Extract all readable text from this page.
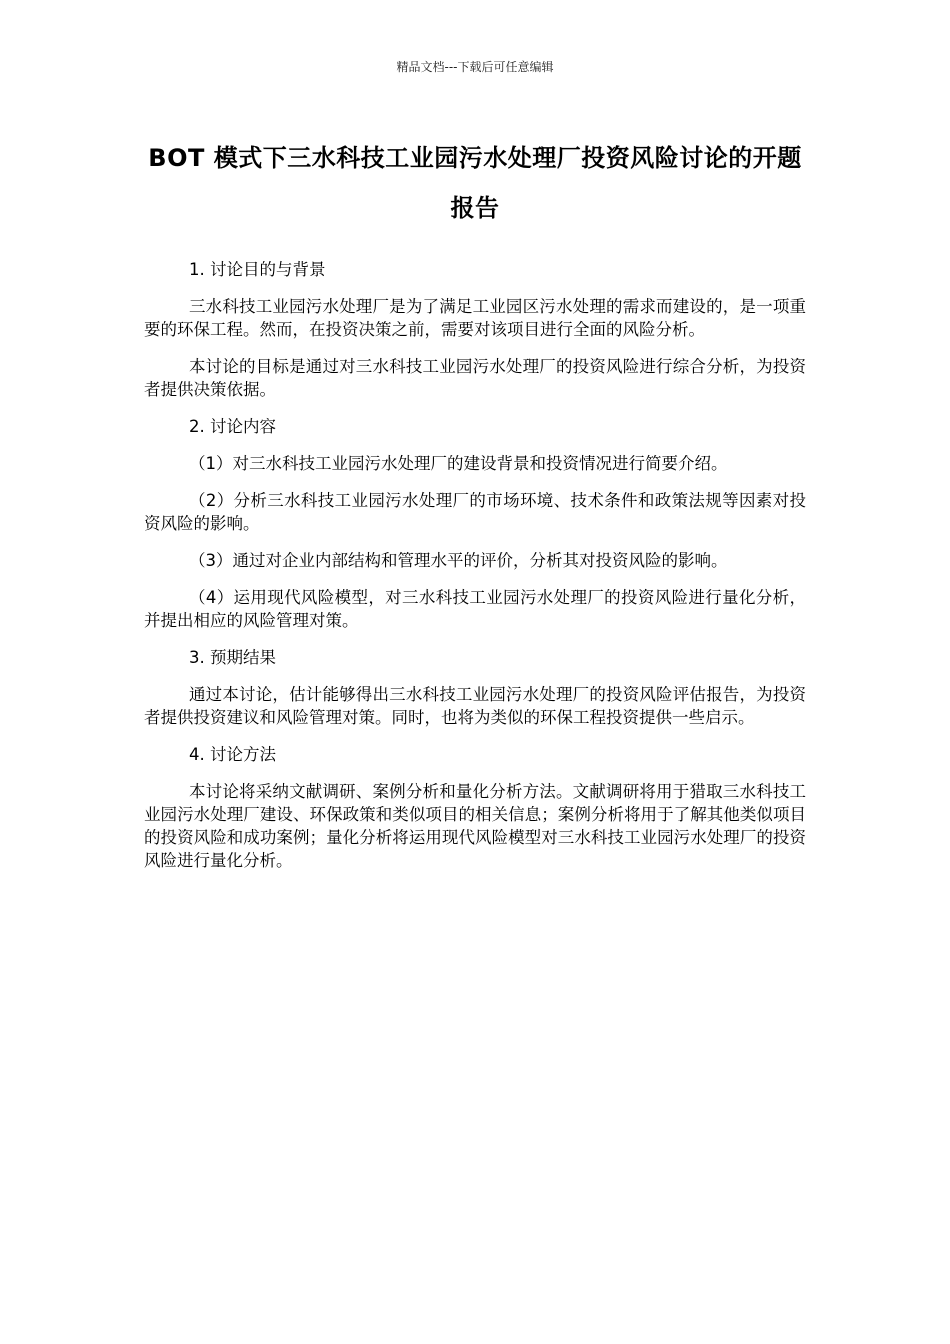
精品文档---下载后可任意编辑
BOT 模式下三水科技工业园污水处理厂投资风险讨论的开题报告
1. 讨论目的与背景
三水科技工业园污水处理厂是为了满足工业园区污水处理的需求而建设的，是一项重要的环保工程。然而，在投资决策之前，需要对该项目进行全面的风险分析。
本讨论的目标是通过对三水科技工业园污水处理厂的投资风险进行综合分析，为投资者提供决策依据。
2. 讨论内容
（1）对三水科技工业园污水处理厂的建设背景和投资情况进行简要介绍。
（2）分析三水科技工业园污水处理厂的市场环境、技术条件和政策法规等因素对投资风险的影响。
（3）通过对企业内部结构和管理水平的评价，分析其对投资风险的影响。
（4）运用现代风险模型，对三水科技工业园污水处理厂的投资风险进行量化分析，并提出相应的风险管理对策。
3. 预期结果
通过本讨论，估计能够得出三水科技工业园污水处理厂的投资风险评估报告，为投资者提供投资建议和风险管理对策。同时，也将为类似的环保工程投资提供一些启示。
4. 讨论方法
本讨论将采纳文献调研、案例分析和量化分析方法。文献调研将用于猎取三水科技工业园污水处理厂建设、环保政策和类似项目的相关信息；案例分析将用于了解其他类似项目的投资风险和成功案例；量化分析将运用现代风险模型对三水科技工业园污水处理厂的投资风险进行量化分析。
